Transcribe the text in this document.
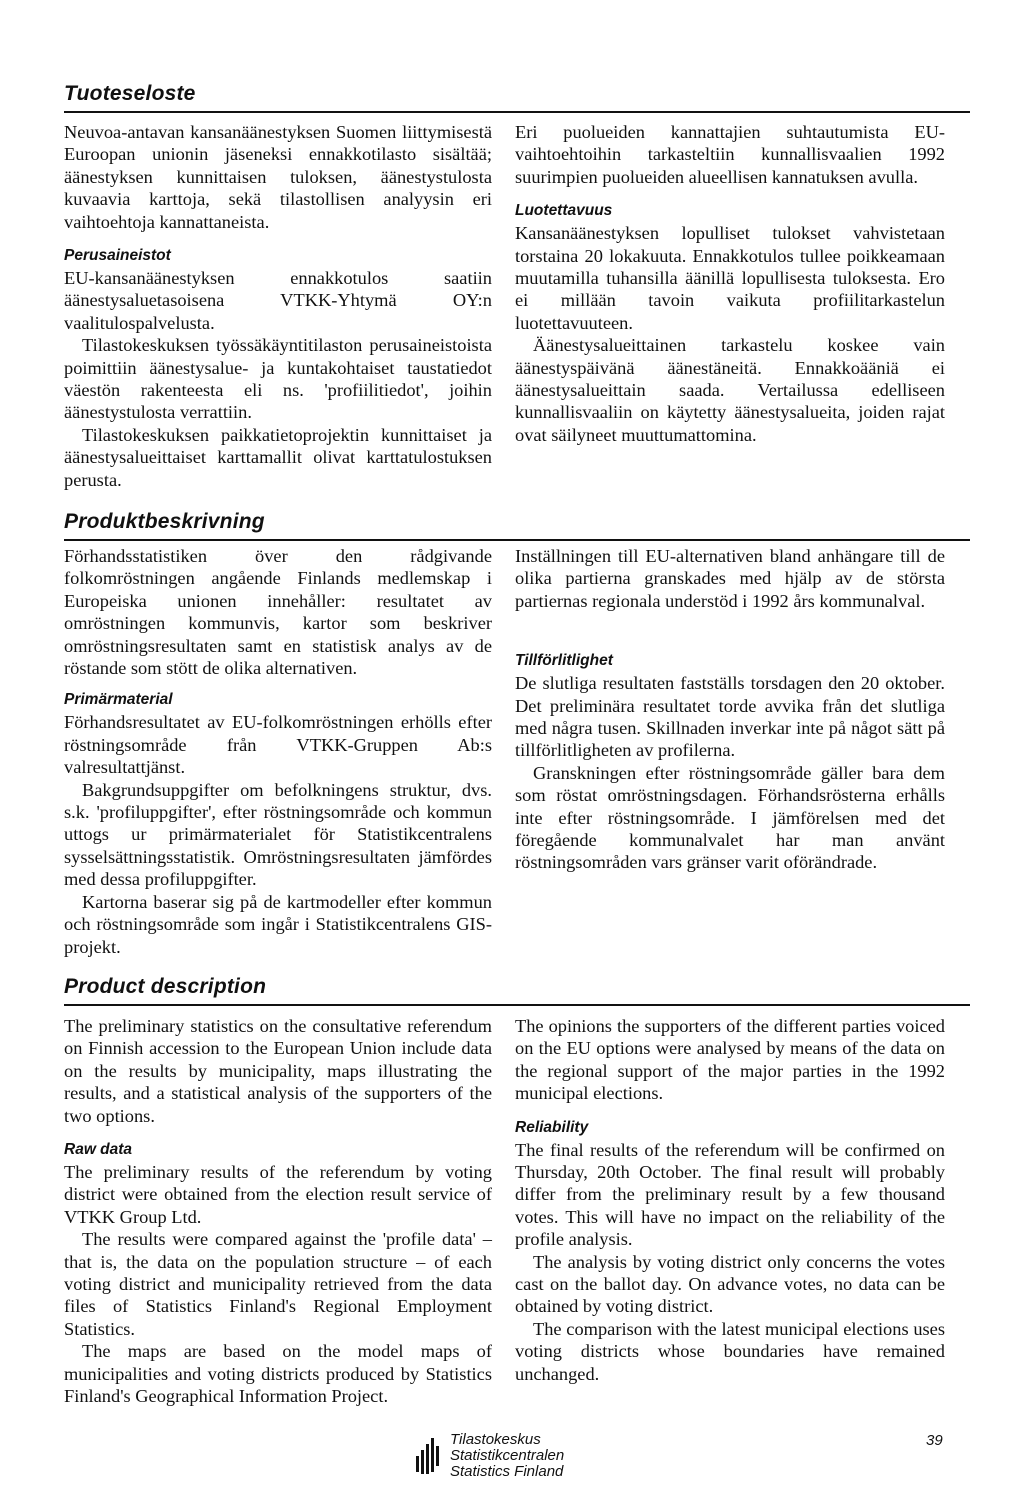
Tuoteseloste

Neuvoa-antavan kansanäänestyksen Suomen liittymisestä Euroopan unionin jäseneksi ennakkotilasto sisältää; äänestyksen kunnittaisen tuloksen, äänestystulosta kuvaavia karttoja, sekä tilastollisen analyysin eri vaihtoehtoja kannattaneista.

Perusaineistot

EU-kansanäänestyksen ennakkotulos saatiin äänestysaluetasoisena VTKK-Yhtymä OY:n vaalitulospalvelusta.

Tilastokeskuksen työssäkäyntitilaston perusaineistoista poimittiin äänestysalue- ja kuntakohtaiset taustatiedot väestön rakenteesta eli ns. 'profiilitiedot', joihin äänestystulosta verrattiin.

Tilastokeskuksen paikkatietoprojektin kunnittaiset ja äänestysalueittaiset karttamallit olivat karttatulostuksen perusta.

Eri puolueiden kannattajien suhtautumista EU-vaihtoehtoihin tarkasteltiin kunnallisvaalien 1992 suurimpien puolueiden alueellisen kannatuksen avulla.

Luotettavuus

Kansanäänestyksen lopulliset tulokset vahvistetaan torstaina 20 lokakuuta. Ennakkotulos tullee poikkeamaan muutamilla tuhansilla äänillä lopullisesta tuloksesta. Ero ei millään tavoin vaikuta profiilitarkastelun luotettavuuteen.

Äänestysalueittainen tarkastelu koskee vain äänestyspäivänä äänestäneitä. Ennakkoääniä ei äänestysalueittain saada. Vertailussa edelliseen kunnallisvaaliin on käytetty äänestysalueita, joiden rajat ovat säilyneet muuttumattomina.

Produktbeskrivning

Förhandsstatistiken över den rådgivande folkomröstningen angående Finlands medlemskap i Europeiska unionen innehåller: resultatet av omröstningen kommunvis, kartor som beskriver omröstningsresultaten samt en statistisk analys av de röstande som stött de olika alternativen.

Primärmaterial

Förhandsresultatet av EU-folkomröstningen erhölls efter röstningsområde från VTKK-Gruppen Ab:s valresultattjänst.

Bakgrundsuppgifter om befolkningens struktur, dvs. s.k. 'profiluppgifter', efter röstningsområde och kommun uttogs ur primärmaterialet för Statistikcentralens sysselsättningsstatistik. Omröstningsresultaten jämfördes med dessa profiluppgifter.

Kartorna baserar sig på de kartmodeller efter kommun och röstningsområde som ingår i Statistikcentralens GIS-projekt.

Inställningen till EU-alternativen bland anhängare till de olika partierna granskades med hjälp av de största partiernas regionala understöd i 1992 års kommunalval.

Tillförlitlighet

De slutliga resultaten fastställs torsdagen den 20 oktober. Det preliminära resultatet torde avvika från det slutliga med några tusen. Skillnaden inverkar inte på något sätt på tillförlitligheten av profilerna.

Granskningen efter röstningsområde gäller bara dem som röstat omröstningsdagen. Förhandsrösterna erhålls inte efter röstningsområde. I jämförelsen med det föregående kommunalvalet har man använt röstningsområden vars gränser varit oförändrade.

Product description

The preliminary statistics on the consultative referendum on Finnish accession to the European Union include data on the results by municipality, maps illustrating the results, and a statistical analysis of the supporters of the two options.

Raw data

The preliminary results of the referendum by voting district were obtained from the election result service of VTKK Group Ltd.

The results were compared against the 'profile data' – that is, the data on the population structure – of each voting district and municipality retrieved from the data files of Statistics Finland's Regional Employment Statistics.

The maps are based on the model maps of municipalities and voting districts produced by Statistics Finland's Geographical Information Project.

The opinions the supporters of the different parties voiced on the EU options were analysed by means of the data on the regional support of the major parties in the 1992 municipal elections.

Reliability

The final results of the referendum will be confirmed on Thursday, 20th October. The final result will probably differ from the preliminary result by a few thousand votes. This will have no impact on the reliability of the profile analysis.

The analysis by voting district only concerns the votes cast on the ballot day. On advance votes, no data can be obtained by voting district.

The comparison with the latest municipal elections uses voting districts whose boundaries have remained unchanged.

Tilastokeskus
Statistikcentralen
Statistics Finland
39
